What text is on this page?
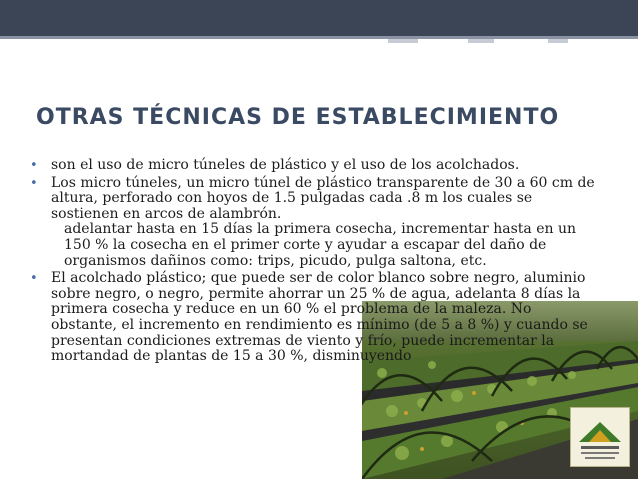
OTRAS TÉCNICAS DE ESTABLECIMIENTO
• son el uso de micro túneles de plástico y el uso de los acolchados.
• Los micro túneles, un micro túnel de plástico transparente de 30 a 60 cm de altura, perforado con hoyos de 1.5 pulgadas cada .8 m los cuales se sostienen en arcos de alambrón.
adelantar hasta en 15 días la primera cosecha, incrementar hasta en un 150 % la cosecha en el primer corte y ayudar a escapar del daño de organismos dañinos como: trips, picudo, pulga saltona, etc.
• El acolchado plástico; que puede ser de color blanco sobre negro, aluminio sobre negro, o negro, permite ahorrar un 25 % de agua, adelanta 8 días la primera cosecha y reduce en un 60 % el problema de la maleza. No obstante, el incremento en rendimiento es mínimo (de 5 a 8 %) y cuando se presentan condiciones extremas de viento y frío, puede incrementar la mortandad de plantas de 15 a 30 %, disminuyendo
